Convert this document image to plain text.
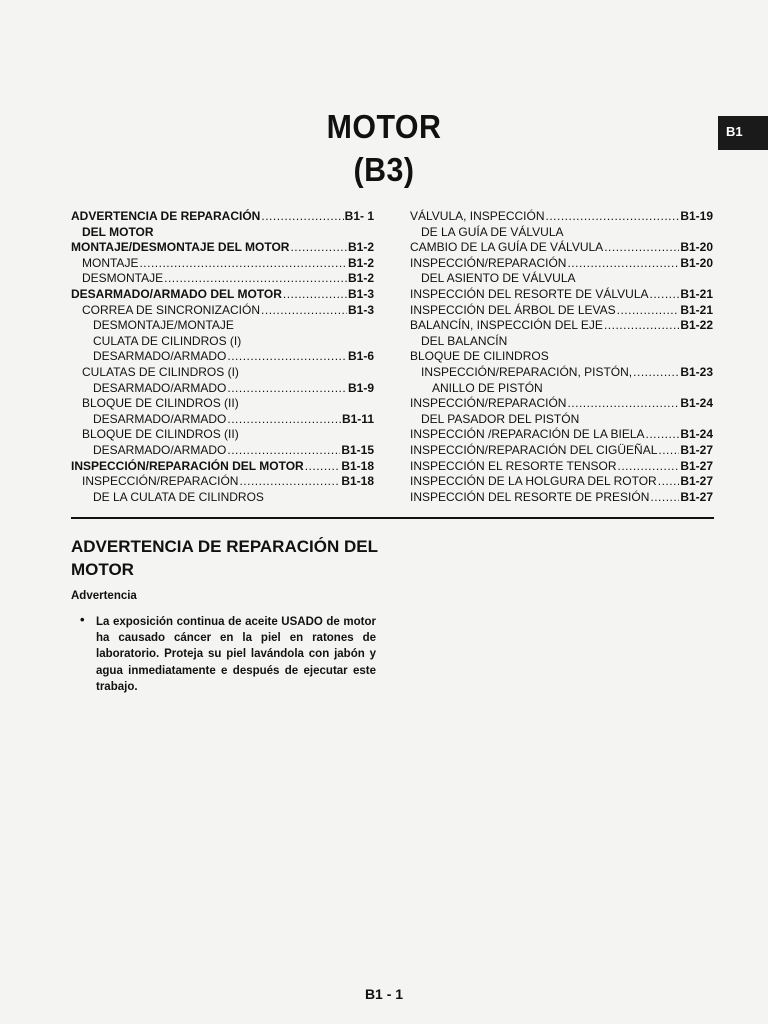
MOTOR
(B3)
B1
ADVERTENCIA DE REPARACIÓN .....	B1- 1
DEL MOTOR
MONTAJE/DESMONTAJE DEL MOTOR .....	B1-2
MONTAJE .....	B1-2
DESMONTAJE .....	B1-2
DESARMADO/ARMADO DEL MOTOR .....	B1-3
CORREA DE SINCRONIZACIÓN .....	B1-3
DESMONTAJE/MONTAJE
CULATA DE CILINDROS (I)
DESARMADO/ARMADO .....	B1-6
CULATAS DE CILINDROS (I)
DESARMADO/ARMADO .....	B1-9
BLOQUE DE CILINDROS (II)
DESARMADO/ARMADO .....	B1-11
BLOQUE DE CILINDROS (II)
DESARMADO/ARMADO .....	B1-15
INSPECCIÓN/REPARACIÓN DEL MOTOR .....	B1-18
INSPECCIÓN/REPARACIÓN .....	B1-18
DE LA CULATA DE CILINDROS
VÁLVULA, INSPECCIÓN .....	B1-19
DE LA GUÍA DE VÁLVULA
CAMBIO DE LA GUÍA DE VÁLVULA .....	B1-20
INSPECCIÓN/REPARACIÓN .....	B1-20
DEL ASIENTO DE VÁLVULA
INSPECCIÓN DEL RESORTE DE VÁLVULA .....	B1-21
INSPECCIÓN DEL ÁRBOL DE LEVAS .....	B1-21
BALANCÍN, INSPECCIÓN DEL EJE .....	B1-22
DEL BALANCÍN
BLOQUE DE CILINDROS
INSPECCIÓN/REPARACIÓN, PISTÓN, .....	B1-23
ANILLO DE PISTÓN
INSPECCIÓN/REPARACIÓN .....	B1-24
DEL PASADOR DEL PISTÓN
INSPECCIÓN /REPARACIÓN DE LA BIELA .....	B1-24
INSPECCIÓN/REPARACIÓN DEL CIGÜEÑAL ..... B1-27
INSPECCIÓN EL RESORTE TENSOR .....	B1-27
INSPECCIÓN DE LA HOLGURA DEL ROTOR ..... B1-27
INSPECCIÓN DEL RESORTE DE PRESIÓN .....	B1-27
ADVERTENCIA DE REPARACIÓN DEL MOTOR
Advertencia
• La exposición continua de aceite USADO de motor ha causado cáncer en la piel en ratones de laboratorio. Proteja su piel lavándola con jabón y agua inmediatamente e después de ejecutar este trabajo.
B1 - 1
